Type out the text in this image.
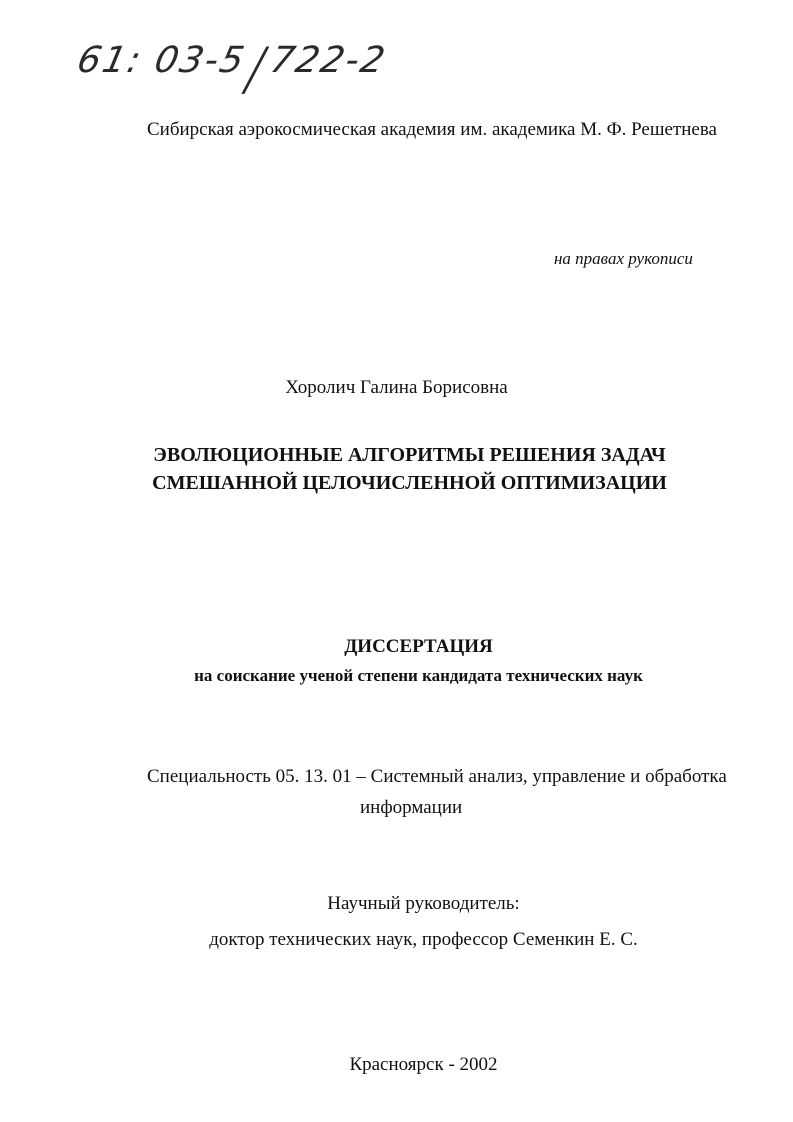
61: 03-5/722-2
Сибирская аэрокосмическая академия им. академика М. Ф. Решетнева
на правах рукописи
Хоролич Галина Борисовна
ЭВОЛЮЦИОННЫЕ АЛГОРИТМЫ РЕШЕНИЯ ЗАДАЧ
СМЕШАННОЙ ЦЕЛОЧИСЛЕННОЙ ОПТИМИЗАЦИИ
ДИССЕРТАЦИЯ
на соискание ученой степени кандидата технических наук
Специальность 05. 13. 01 – Системный анализ, управление и обработка
информации
Научный руководитель:
доктор технических наук, профессор Семенкин Е. С.
Красноярск - 2002
